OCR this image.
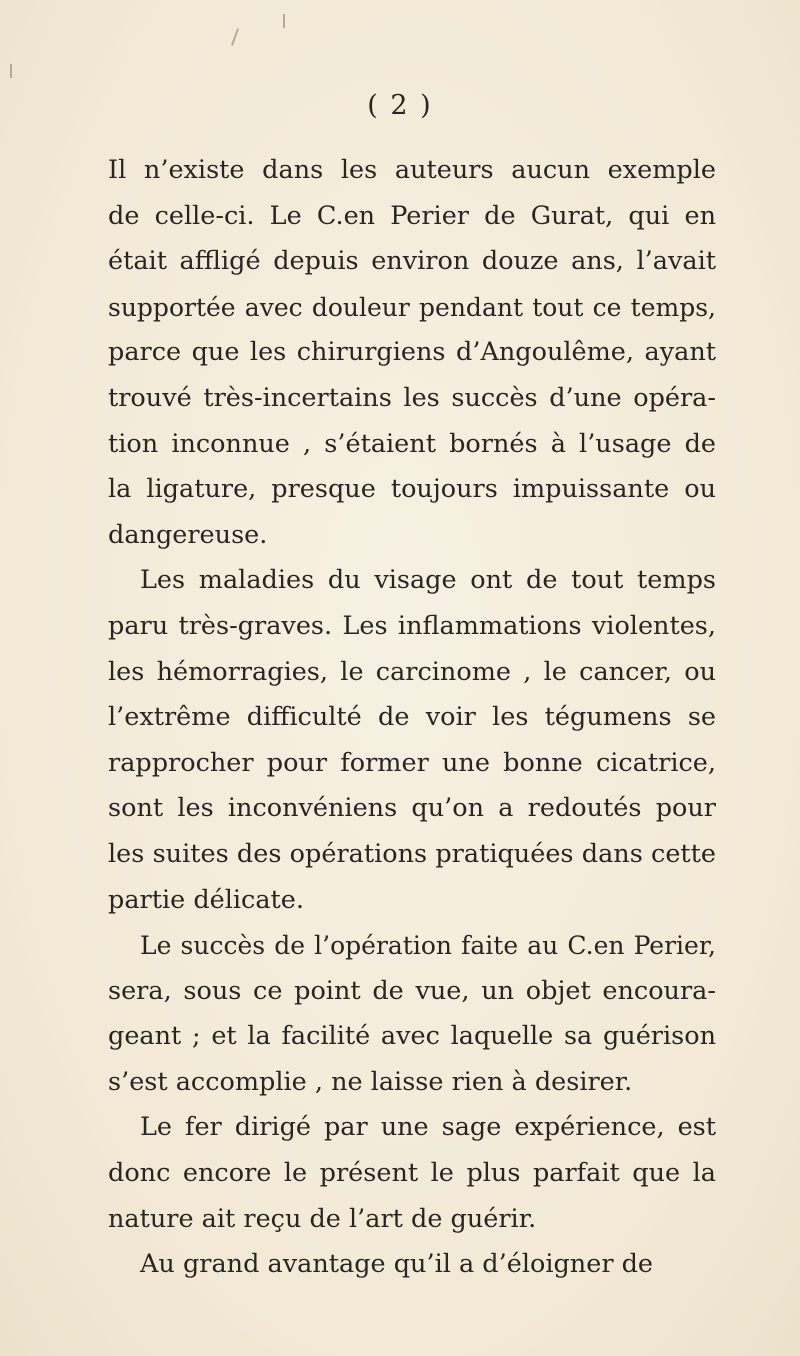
( 2 )
Il n’existe dans les auteurs aucun exemple
de celle-ci. Le C.en Perier de Gurat, qui en
était affligé depuis environ douze ans, l’avait
supportée avec douleur pendant tout ce temps,
parce que les chirurgiens d’Angoulême, ayant
trouvé très-incertains les succès d’une opéra-
tion inconnue , s’étaient bornés à l’usage de
la ligature, presque toujours impuissante ou
dangereuse.
Les maladies du visage ont de tout temps
paru très-graves. Les inflammations violentes,
les hémorragies, le carcinome , le cancer, ou
l’extrême difficulté de voir les tégumens se
rapprocher pour former une bonne cicatrice,
sont les inconvéniens qu’on a redoutés pour
les suites des opérations pratiquées dans cette
partie délicate.
Le succès de l’opération faite au C.en Perier,
sera, sous ce point de vue, un objet encoura-
geant ; et la facilité avec laquelle sa guérison
s’est accomplie , ne laisse rien à desirer.
Le fer dirigé par une sage expérience, est
donc encore le présent le plus parfait que la
nature ait reçu de l’art de guérir.
Au grand avantage qu’il a d’éloigner de
